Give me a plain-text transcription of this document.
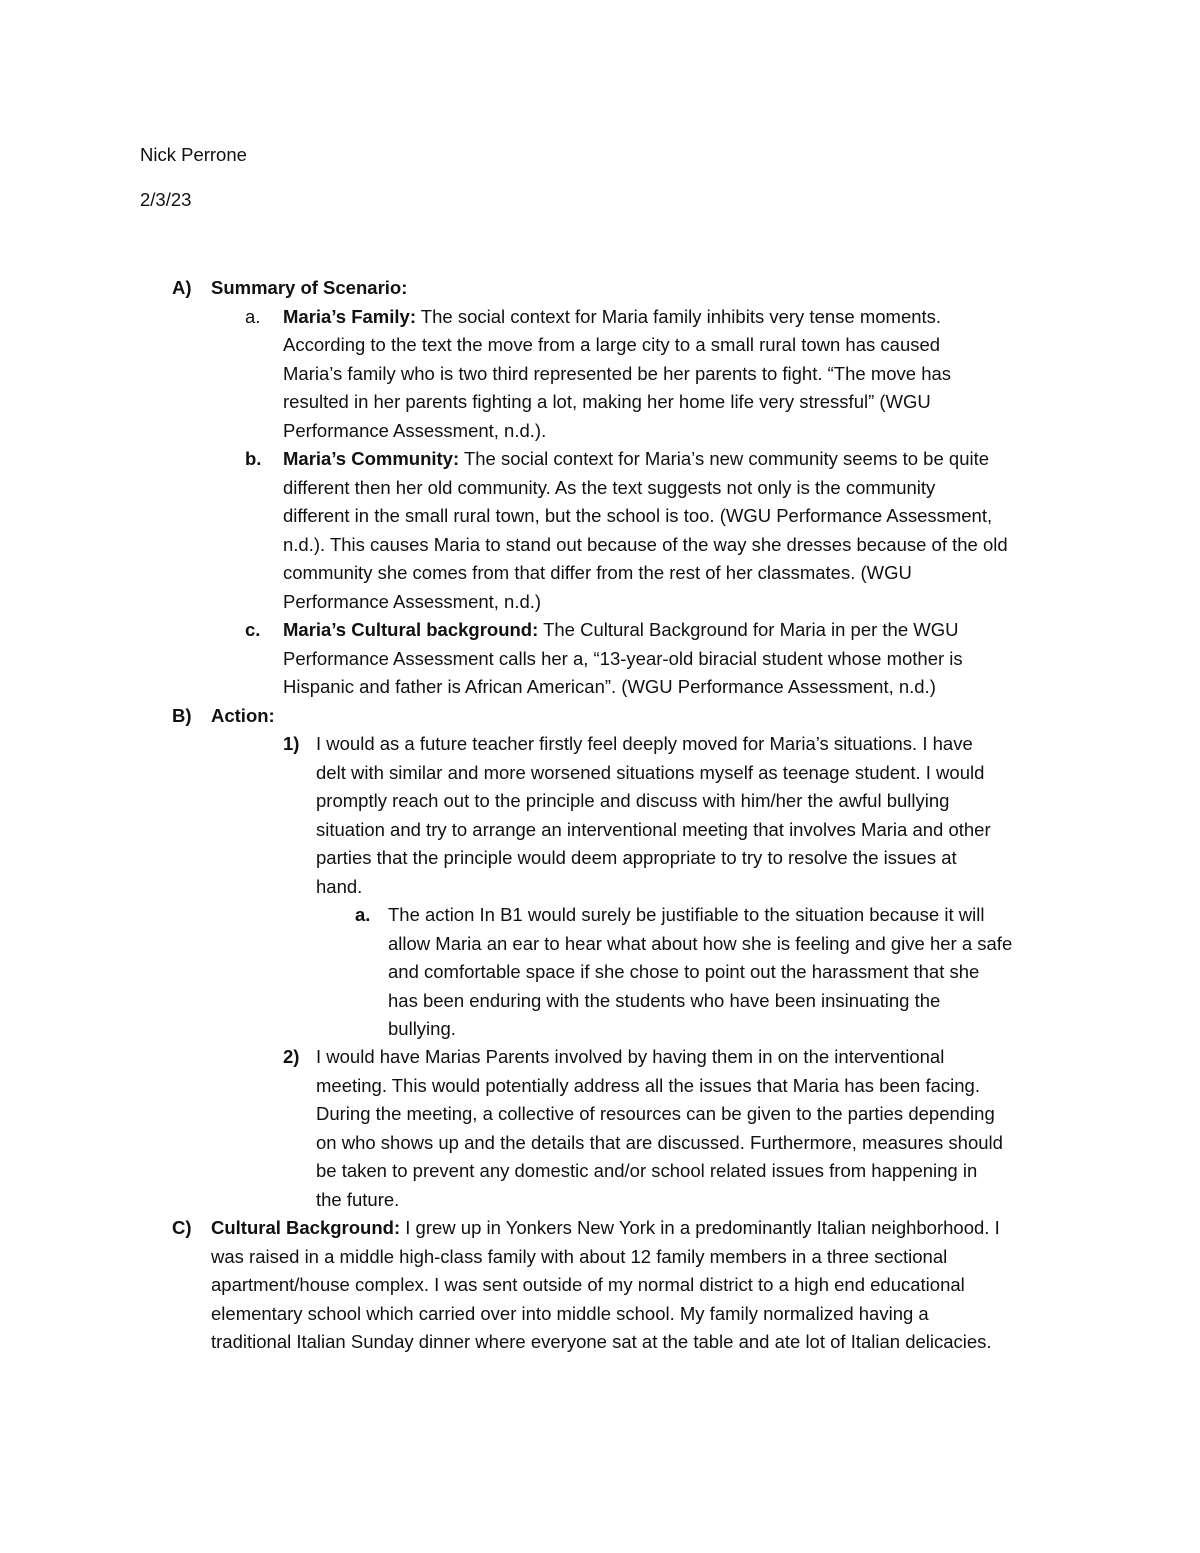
Nick Perrone
2/3/23
A) Summary of Scenario:
a. Maria’s Family: The social context for Maria family inhibits very tense moments.
According to the text the move from a large city to a small rural town has caused
Maria’s family who is two third represented be her parents to fight. “The move has
resulted in her parents fighting a lot, making her home life very stressful” (WGU
Performance Assessment, n.d.).
b. Maria’s Community: The social context for Maria’s new community seems to be quite
different then her old community. As the text suggests not only is the community
different in the small rural town, but the school is too. (WGU Performance Assessment,
n.d.). This causes Maria to stand out because of the way she dresses because of the old
community she comes from that differ from the rest of her classmates. (WGU
Performance Assessment, n.d.)
c. Maria’s Cultural background: The Cultural Background for Maria in per the WGU
Performance Assessment calls her a, “13-year-old biracial student whose mother is
Hispanic and father is African American”. (WGU Performance Assessment, n.d.)
B) Action:
1) I would as a future teacher firstly feel deeply moved for Maria’s situations. I have
delt with similar and more worsened situations myself as teenage student. I would
promptly reach out to the principle and discuss with him/her the awful bullying
situation and try to arrange an interventional meeting that involves Maria and other
parties that the principle would deem appropriate to try to resolve the issues at
hand.
a. The action In B1 would surely be justifiable to the situation because it will
allow Maria an ear to hear what about how she is feeling and give her a safe
and comfortable space if she chose to point out the harassment that she
has been enduring with the students who have been insinuating the
bullying.
2) I would have Marias Parents involved by having them in on the interventional
meeting. This would potentially address all the issues that Maria has been facing.
During the meeting, a collective of resources can be given to the parties depending
on who shows up and the details that are discussed. Furthermore, measures should
be taken to prevent any domestic and/or school related issues from happening in
the future.
C) Cultural Background: I grew up in Yonkers New York in a predominantly Italian neighborhood. I
was raised in a middle high-class family with about 12 family members in a three sectional
apartment/house complex. I was sent outside of my normal district to a high end educational
elementary school which carried over into middle school. My family normalized having a
traditional Italian Sunday dinner where everyone sat at the table and ate lot of Italian delicacies.
